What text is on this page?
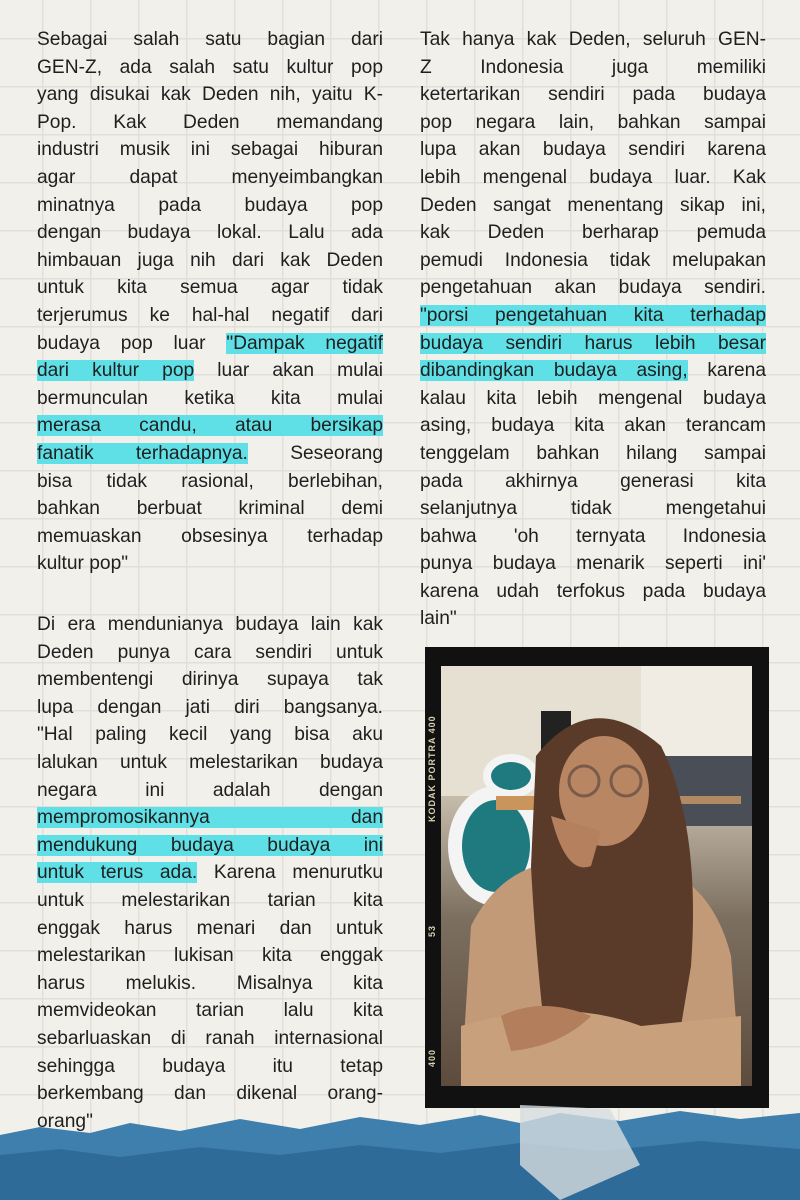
Sebagai salah satu bagian dari
GEN-Z, ada salah satu kultur pop
yang disukai kak Deden nih, yaitu K-
Pop. Kak Deden memandang
industri musik ini sebagai hiburan
agar dapat menyeimbangkan
minatnya pada budaya pop
dengan budaya lokal. Lalu ada
himbauan juga nih dari kak Deden
untuk kita semua agar tidak
terjerumus ke hal-hal negatif dari
budaya pop luar "Dampak negatif
dari kultur pop luar akan mulai
bermunculan ketika kita mulai
merasa candu, atau bersikap
fanatik terhadapnya. Seseorang
bisa tidak rasional, berlebihan,
bahkan berbuat kriminal demi
memuaskan obsesinya terhadap
kultur pop"
Di era mendunianya budaya lain kak
Deden punya cara sendiri untuk
membentengi dirinya supaya tak
lupa dengan jati diri bangsanya.
"Hal paling kecil yang bisa aku
lalukan untuk melestarikan budaya
negara ini adalah dengan
mempromosikannya dan
mendukung budaya budaya ini
untuk terus ada. Karena menurutku
untuk melestarikan tarian kita
enggak harus menari dan untuk
melestarikan lukisan kita enggak
harus melukis. Misalnya kita
memvideokan tarian lalu kita
sebarluaskan di ranah internasional
sehingga budaya itu tetap
berkembang dan dikenal orang-
orang"
Tak hanya kak Deden, seluruh GEN-
Z Indonesia juga memiliki
ketertarikan sendiri pada budaya
pop negara lain, bahkan sampai
lupa akan budaya sendiri karena
lebih mengenal budaya luar. Kak
Deden sangat menentang sikap ini,
kak Deden berharap pemuda
pemudi Indonesia tidak melupakan
pengetahuan akan budaya sendiri.
"porsi pengetahuan kita terhadap
budaya sendiri harus lebih besar
dibandingkan budaya asing, karena
kalau kita lebih mengenal budaya
asing, budaya kita akan terancam
tenggelam bahkan hilang sampai
pada akhirnya generasi kita
selanjutnya tidak mengetahui
bahwa 'oh ternyata Indonesia
punya budaya menarik seperti ini'
karena udah terfokus pada budaya
lain"
KODAK PORTRA 400
53
400
